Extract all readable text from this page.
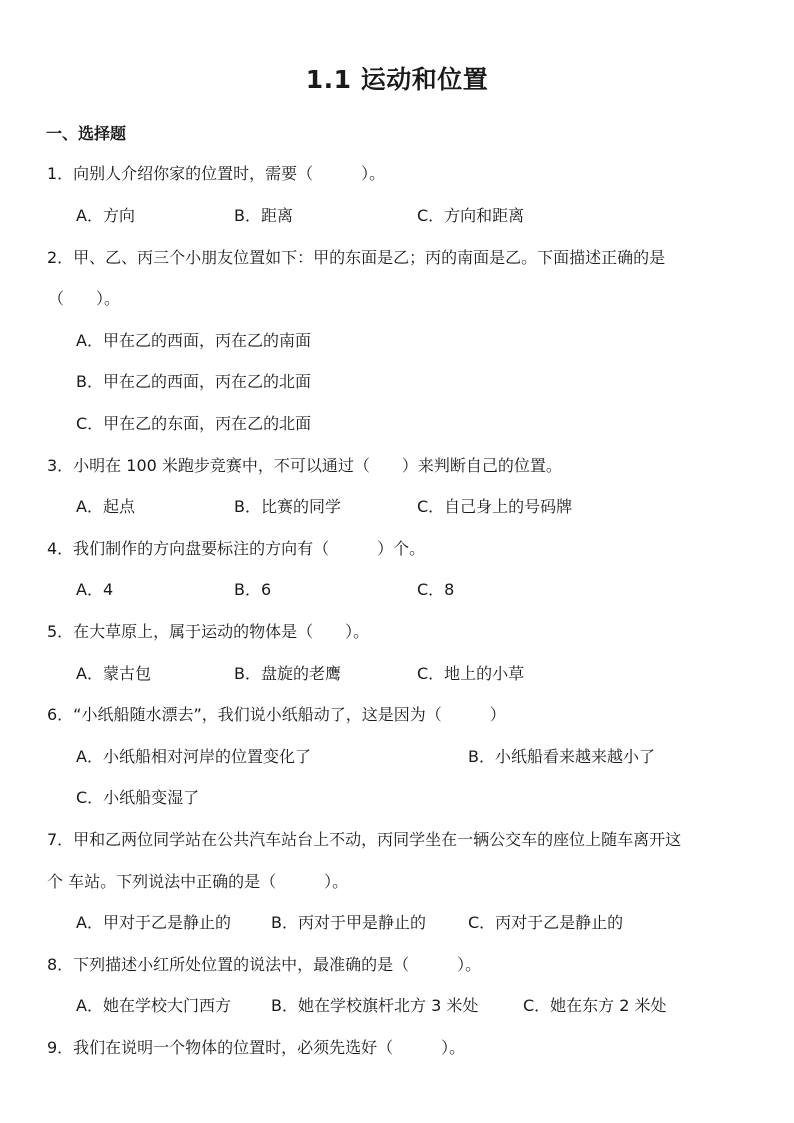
1.1 运动和位置
一、选择题
1．向别人介绍你家的位置时，需要（　　　）。
A．方向	B．距离	C．方向和距离
2．甲、乙、丙三个小朋友位置如下：甲的东面是乙；丙的南面是乙。下面描述正确的是
（　　）。
A．甲在乙的西面，丙在乙的南面
B．甲在乙的西面，丙在乙的北面
C．甲在乙的东面，丙在乙的北面
3．小明在 100 米跑步竞赛中，不可以通过（　　）来判断自己的位置。
A．起点	B．比赛的同学	C．自己身上的号码牌
4．我们制作的方向盘要标注的方向有（　　　）个。
A．4	B．6	C．8
5．在大草原上，属于运动的物体是（　　）。
A．蒙古包	B．盘旋的老鹰	C．地上的小草
6．“小纸船随水漂去”，我们说小纸船动了，这是因为（　　　）
A．小纸船相对河岸的位置变化了	B．小纸船看来越来越小了
C．小纸船变湿了
7．甲和乙两位同学站在公共汽车站台上不动，丙同学坐在一辆公交车的座位上随车离开这
个 车站。下列说法中正确的是（　　　）。
A．甲对于乙是静止的	B．丙对于甲是静止的	C．丙对于乙是静止的
8．下列描述小红所处位置的说法中，最准确的是（　　　）。
A．她在学校大门西方	B．她在学校旗杆北方 3 米处	C．她在东方 2 米处
9．我们在说明一个物体的位置时，必须先选好（　　　）。
